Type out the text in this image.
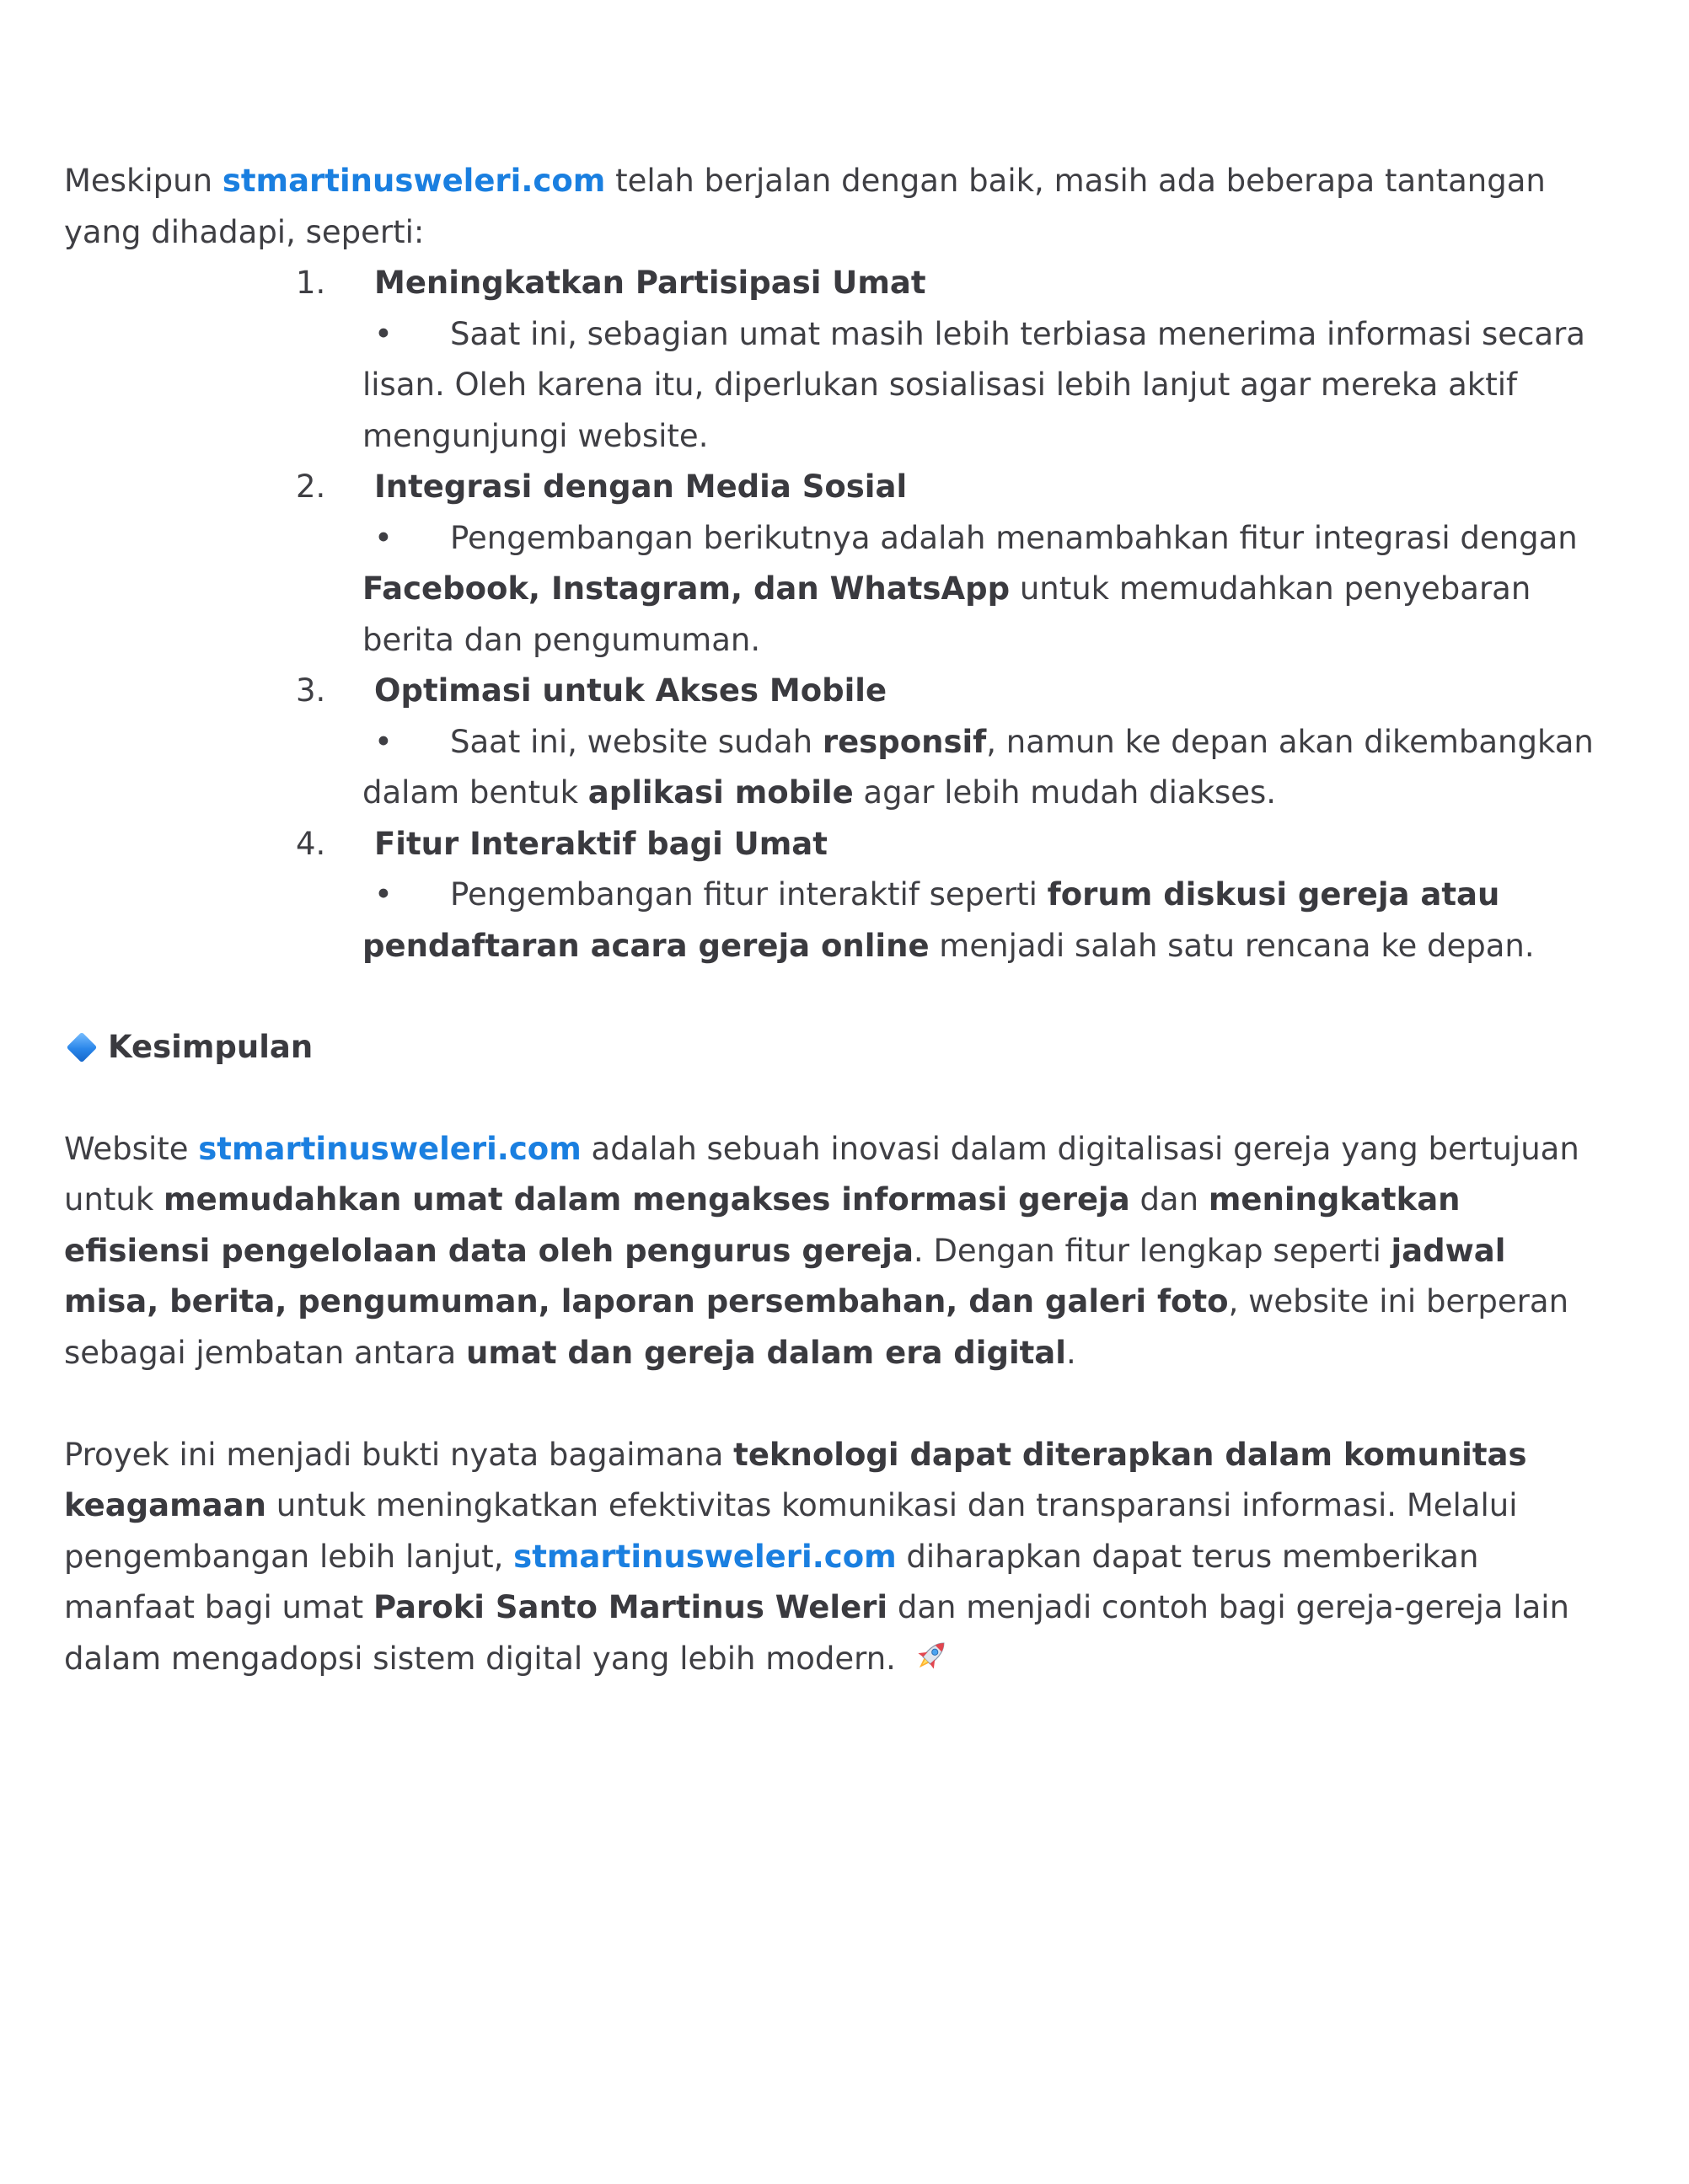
Meskipun stmartinusweleri.com telah berjalan dengan baik, masih ada beberapa tantangan yang dihadapi, seperti:

1.	Meningkatkan Partisipasi Umat
• Saat ini, sebagian umat masih lebih terbiasa menerima informasi secara lisan. Oleh karena itu, diperlukan sosialisasi lebih lanjut agar mereka aktif mengunjungi website.
2.	Integrasi dengan Media Sosial
• Pengembangan berikutnya adalah menambahkan fitur integrasi dengan Facebook, Instagram, dan WhatsApp untuk memudahkan penyebaran berita dan pengumuman.
3.	Optimasi untuk Akses Mobile
• Saat ini, website sudah responsif, namun ke depan akan dikembangkan dalam bentuk aplikasi mobile agar lebih mudah diakses.
4.	Fitur Interaktif bagi Umat
• Pengembangan fitur interaktif seperti forum diskusi gereja atau pendaftaran acara gereja online menjadi salah satu rencana ke depan.
Kesimpulan

Website stmartinusweleri.com adalah sebuah inovasi dalam digitalisasi gereja yang bertujuan untuk memudahkan umat dalam mengakses informasi gereja dan meningkatkan efisiensi pengelolaan data oleh pengurus gereja. Dengan fitur lengkap seperti jadwal misa, berita, pengumuman, laporan persembahan, dan galeri foto, website ini berperan sebagai jembatan antara umat dan gereja dalam era digital.

Proyek ini menjadi bukti nyata bagaimana teknologi dapat diterapkan dalam komunitas keagamaan untuk meningkatkan efektivitas komunikasi dan transparansi informasi. Melalui pengembangan lebih lanjut, stmartinusweleri.com diharapkan dapat terus memberikan manfaat bagi umat Paroki Santo Martinus Weleri dan menjadi contoh bagi gereja-gereja lain dalam mengadopsi sistem digital yang lebih modern.
